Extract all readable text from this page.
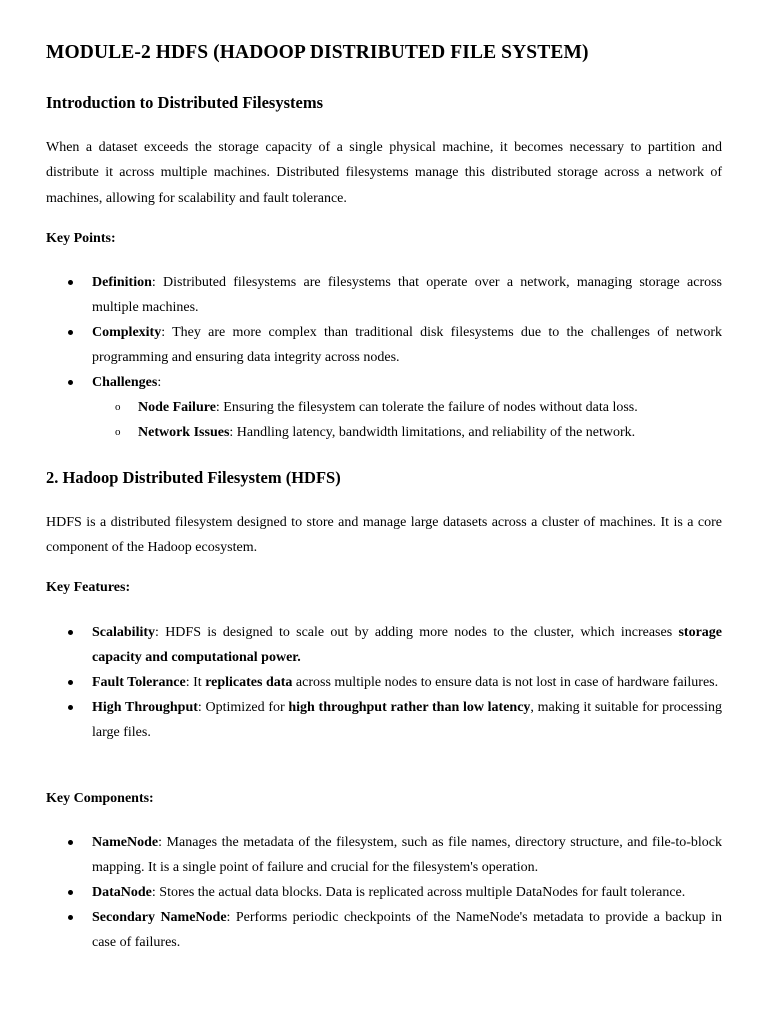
MODULE-2 HDFS (HADOOP DISTRIBUTED FILE SYSTEM)
Introduction to Distributed Filesystems

When a dataset exceeds the storage capacity of a single physical machine, it becomes necessary to partition and distribute it across multiple machines. Distributed filesystems manage this distributed storage across a network of machines, allowing for scalability and fault tolerance.

Key Points:
Definition: Distributed filesystems are filesystems that operate over a network, managing storage across multiple machines.
Complexity: They are more complex than traditional disk filesystems due to the challenges of network programming and ensuring data integrity across nodes.
Challenges:
o Node Failure: Ensuring the filesystem can tolerate the failure of nodes without data loss.
o Network Issues: Handling latency, bandwidth limitations, and reliability of the network.
2. Hadoop Distributed Filesystem (HDFS)

HDFS is a distributed filesystem designed to store and manage large datasets across a cluster of machines. It is a core component of the Hadoop ecosystem.

Key Features:
Scalability: HDFS is designed to scale out by adding more nodes to the cluster, which increases storage capacity and computational power.
Fault Tolerance: It replicates data across multiple nodes to ensure data is not lost in case of hardware failures.
High Throughput: Optimized for high throughput rather than low latency, making it suitable for processing large files.
Key Components:
NameNode: Manages the metadata of the filesystem, such as file names, directory structure, and file-to-block mapping. It is a single point of failure and crucial for the filesystem's operation.
DataNode: Stores the actual data blocks. Data is replicated across multiple DataNodes for fault tolerance.
Secondary NameNode: Performs periodic checkpoints of the NameNode's metadata to provide a backup in case of failures.
